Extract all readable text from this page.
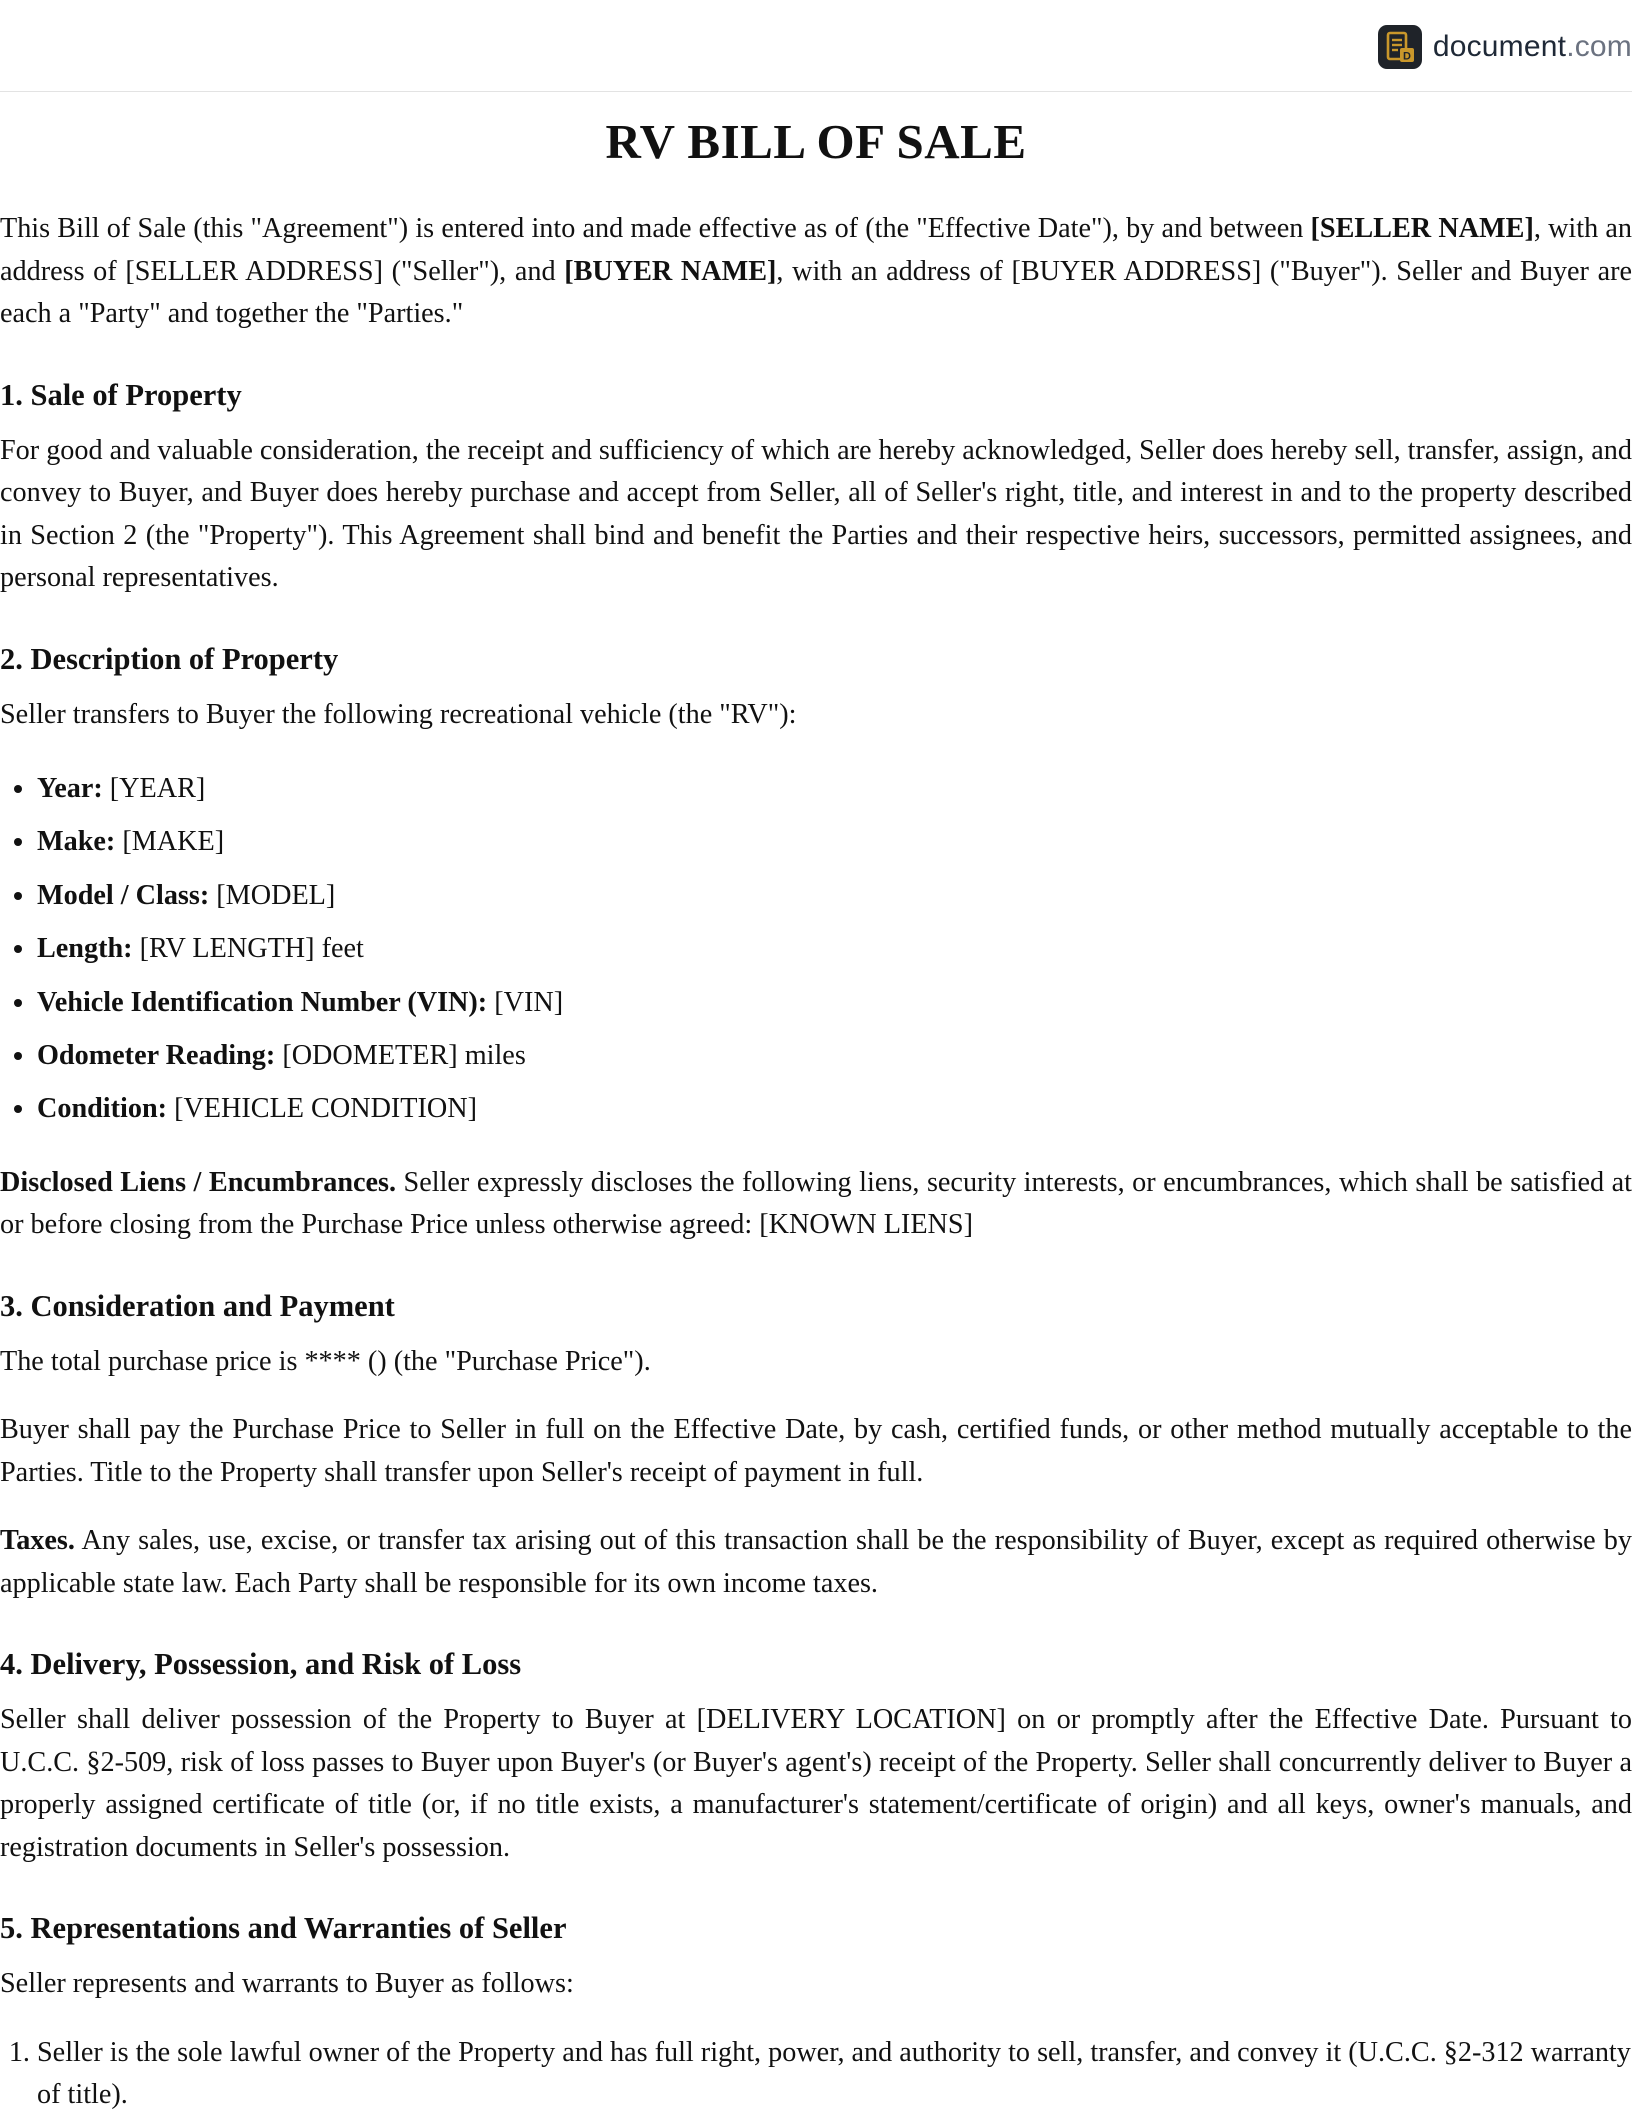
D document.com
RV BILL OF SALE

This Bill of Sale (this "Agreement") is entered into and made effective as of (the "Effective Date"), by and between [SELLER NAME], with an address of [SELLER ADDRESS] ("Seller"), and [BUYER NAME], with an address of [BUYER ADDRESS] ("Buyer"). Seller and Buyer are each a "Party" and together the "Parties."

1. Sale of Property

For good and valuable consideration, the receipt and sufficiency of which are hereby acknowledged, Seller does hereby sell, transfer, assign, and convey to Buyer, and Buyer does hereby purchase and accept from Seller, all of Seller's right, title, and interest in and to the property described in Section 2 (the "Property"). This Agreement shall bind and benefit the Parties and their respective heirs, successors, permitted assignees, and personal representatives.

2. Description of Property

Seller transfers to Buyer the following recreational vehicle (the "RV"):

• Year: [YEAR]
• Make: [MAKE]
• Model / Class: [MODEL]
• Length: [RV LENGTH] feet
• Vehicle Identification Number (VIN): [VIN]
• Odometer Reading: [ODOMETER] miles
• Condition: [VEHICLE CONDITION]

Disclosed Liens / Encumbrances. Seller expressly discloses the following liens, security interests, or encumbrances, which shall be satisfied at or before closing from the Purchase Price unless otherwise agreed: [KNOWN LIENS]

3. Consideration and Payment

The total purchase price is **** () (the "Purchase Price").

Buyer shall pay the Purchase Price to Seller in full on the Effective Date, by cash, certified funds, or other method mutually acceptable to the Parties. Title to the Property shall transfer upon Seller's receipt of payment in full.

Taxes. Any sales, use, excise, or transfer tax arising out of this transaction shall be the responsibility of Buyer, except as required otherwise by applicable state law. Each Party shall be responsible for its own income taxes.

4. Delivery, Possession, and Risk of Loss

Seller shall deliver possession of the Property to Buyer at [DELIVERY LOCATION] on or promptly after the Effective Date. Pursuant to U.C.C. §2-509, risk of loss passes to Buyer upon Buyer's (or Buyer's agent's) receipt of the Property. Seller shall concurrently deliver to Buyer a properly assigned certificate of title (or, if no title exists, a manufacturer's statement/certificate of origin) and all keys, owner's manuals, and registration documents in Seller's possession.

5. Representations and Warranties of Seller

Seller represents and warrants to Buyer as follows:

1. Seller is the sole lawful owner of the Property and has full right, power, and authority to sell, transfer, and convey it (U.C.C. §2-312 warranty of title).
